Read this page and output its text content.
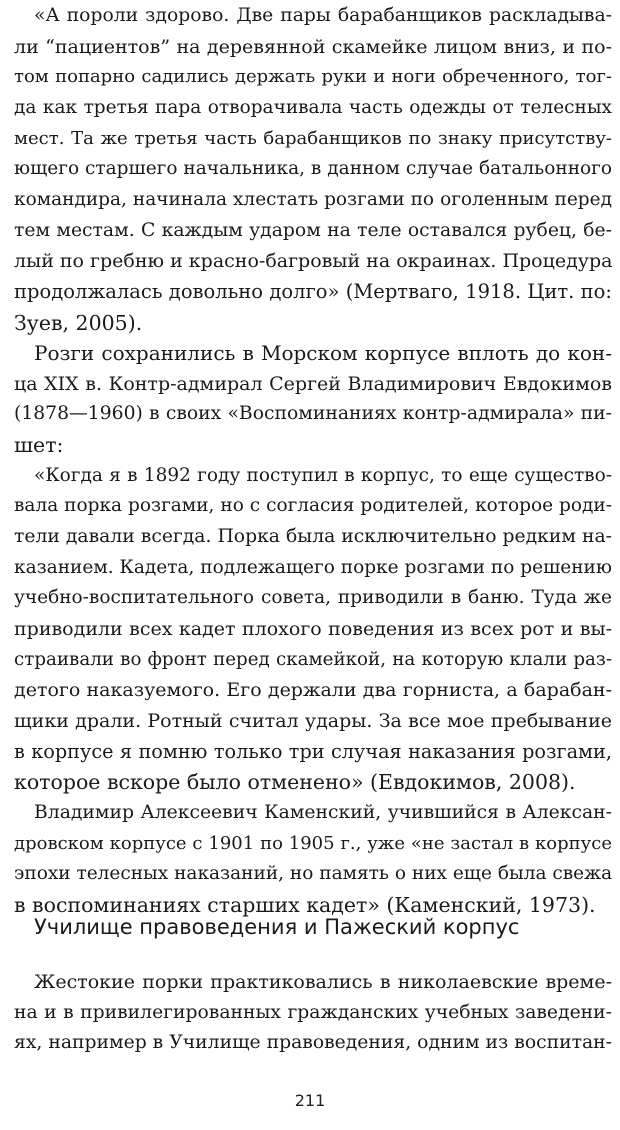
«А пороли здорово. Две пары барабанщиков раскладыва-
ли “пациентов” на деревянной скамейке лицом вниз, и по-
том попарно садились держать руки и ноги обреченного, тог-
да как третья пара отворачивала часть одежды от телесных
мест. Та же третья часть барабанщиков по знаку присутству-
ющего старшего начальника, в данном случае батальонного
командира, начинала хлестать розгами по оголенным перед
тем местам. С каждым ударом на теле оставался рубец, бе-
лый по гребню и красно-багровый на окраинах. Процедура
продолжалась довольно долго» (Мертваго, 1918. Цит. по:
Зуев, 2005).
Розги сохранились в Морском корпусе вплоть до кон-
ца XIX в. Контр-адмирал Сергей Владимирович Евдокимов
(1878—1960) в своих «Воспоминаниях контр-адмирала» пи-
шет:
«Когда я в 1892 году поступил в корпус, то еще существо-
вала порка розгами, но с согласия родителей, которое роди-
тели давали всегда. Порка была исключительно редким на-
казанием. Кадета, подлежащего порке розгами по решению
учебно-воспитательного совета, приводили в баню. Туда же
приводили всех кадет плохого поведения из всех рот и вы-
страивали во фронт перед скамейкой, на которую клали раз-
детого наказуемого. Его держали два горниста, а барабан-
щики драли. Ротный считал удары. За все мое пребывание
в корпусе я помню только три случая наказания розгами,
которое вскоре было отменено» (Евдокимов, 2008).
Владимир Алексеевич Каменский, учившийся в Алексан-
дровском корпусе с 1901 по 1905 г., уже «не застал в корпусе
эпохи телесных наказаний, но память о них еще была свежа
в воспоминаниях старших кадет» (Каменский, 1973).
Училище правоведения и Пажеский корпус
Жестокие порки практиковались в николаевские време-
на и в привилегированных гражданских учебных заведени-
ях, например в Училище правоведения, одним из воспитан-
211
